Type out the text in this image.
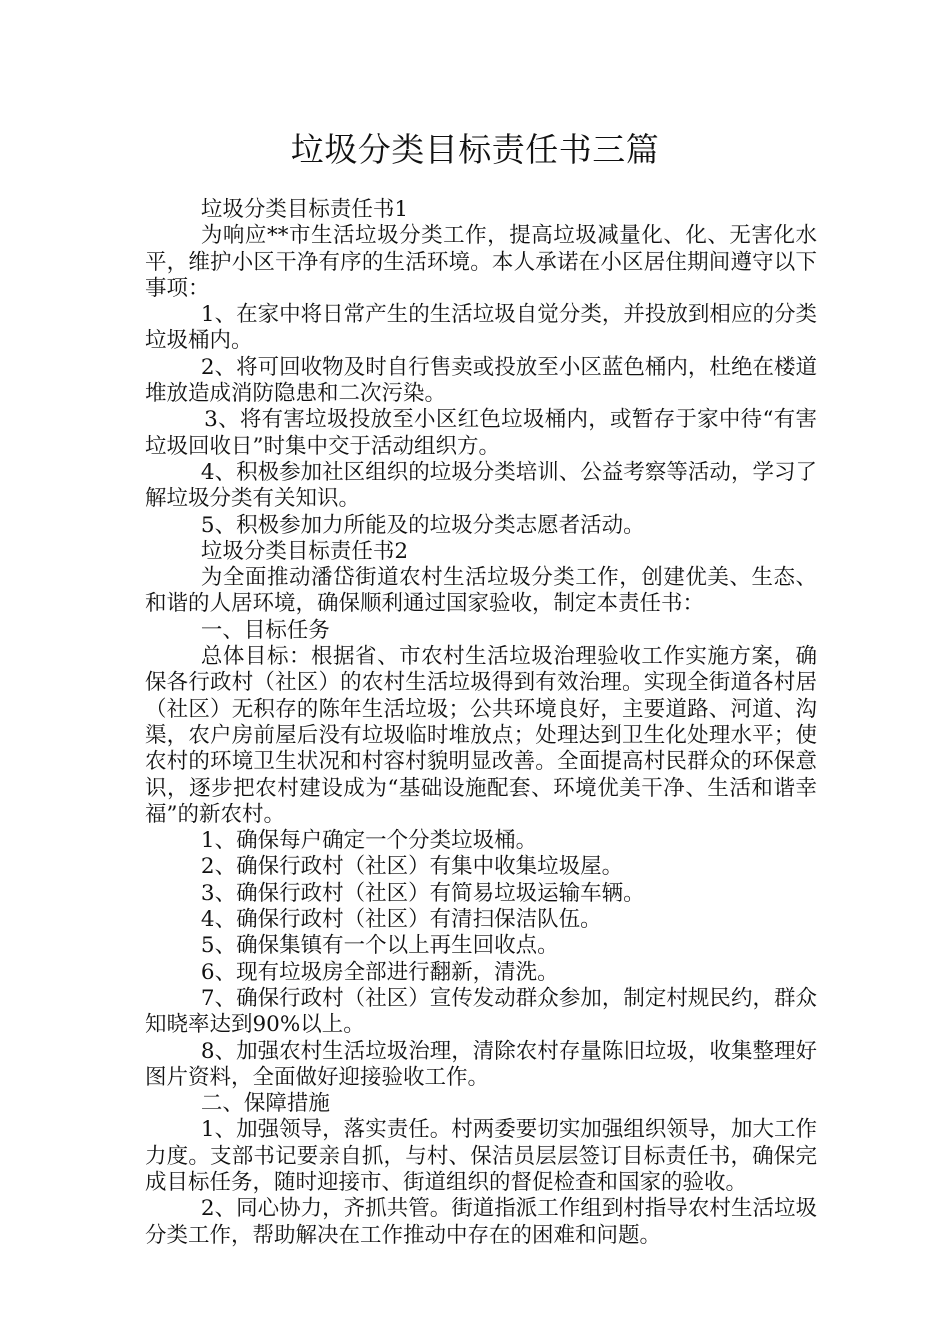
垃圾分类目标责任书三篇

垃圾分类目标责任书1

为响应**市生活垃圾分类工作，提高垃圾减量化、化、无害化水平，维护小区干净有序的生活环境。本人承诺在小区居住期间遵守以下事项：

1、在家中将日常产生的生活垃圾自觉分类，并投放到相应的分类垃圾桶内。

2、将可回收物及时自行售卖或投放至小区蓝色桶内，杜绝在楼道堆放造成消防隐患和二次污染。

3、将有害垃圾投放至小区红色垃圾桶内，或暂存于家中待“有害垃圾回收日”时集中交于活动组织方。

4、积极参加社区组织的垃圾分类培训、公益考察等活动，学习了解垃圾分类有关知识。

5、积极参加力所能及的垃圾分类志愿者活动。

垃圾分类目标责任书2

为全面推动潘岱街道农村生活垃圾分类工作，创建优美、生态、和谐的人居环境，确保顺利通过国家验收，制定本责任书：

一、目标任务

总体目标：根据省、市农村生活垃圾治理验收工作实施方案，确保各行政村（社区）的农村生活垃圾得到有效治理。实现全街道各村居（社区）无积存的陈年生活垃圾；公共环境良好，主要道路、河道、沟渠，农户房前屋后没有垃圾临时堆放点；处理达到卫生化处理水平；使农村的环境卫生状况和村容村貌明显改善。全面提高村民群众的环保意识，逐步把农村建设成为“基础设施配套、环境优美干净、生活和谐幸福”的新农村。

1、确保每户确定一个分类垃圾桶。

2、确保行政村（社区）有集中收集垃圾屋。

3、确保行政村（社区）有简易垃圾运输车辆。

4、确保行政村（社区）有清扫保洁队伍。

5、确保集镇有一个以上再生回收点。

6、现有垃圾房全部进行翻新，清洗。

7、确保行政村（社区）宣传发动群众参加，制定村规民约，群众知晓率达到90%以上。

8、加强农村生活垃圾治理，清除农村存量陈旧垃圾，收集整理好图片资料，全面做好迎接验收工作。

二、保障措施

1、加强领导，落实责任。村两委要切实加强组织领导，加大工作力度。支部书记要亲自抓，与村、保洁员层层签订目标责任书，确保完成目标任务，随时迎接市、街道组织的督促检查和国家的验收。

2、同心协力，齐抓共管。街道指派工作组到村指导农村生活垃圾分类工作，帮助解决在工作推动中存在的困难和问题。
